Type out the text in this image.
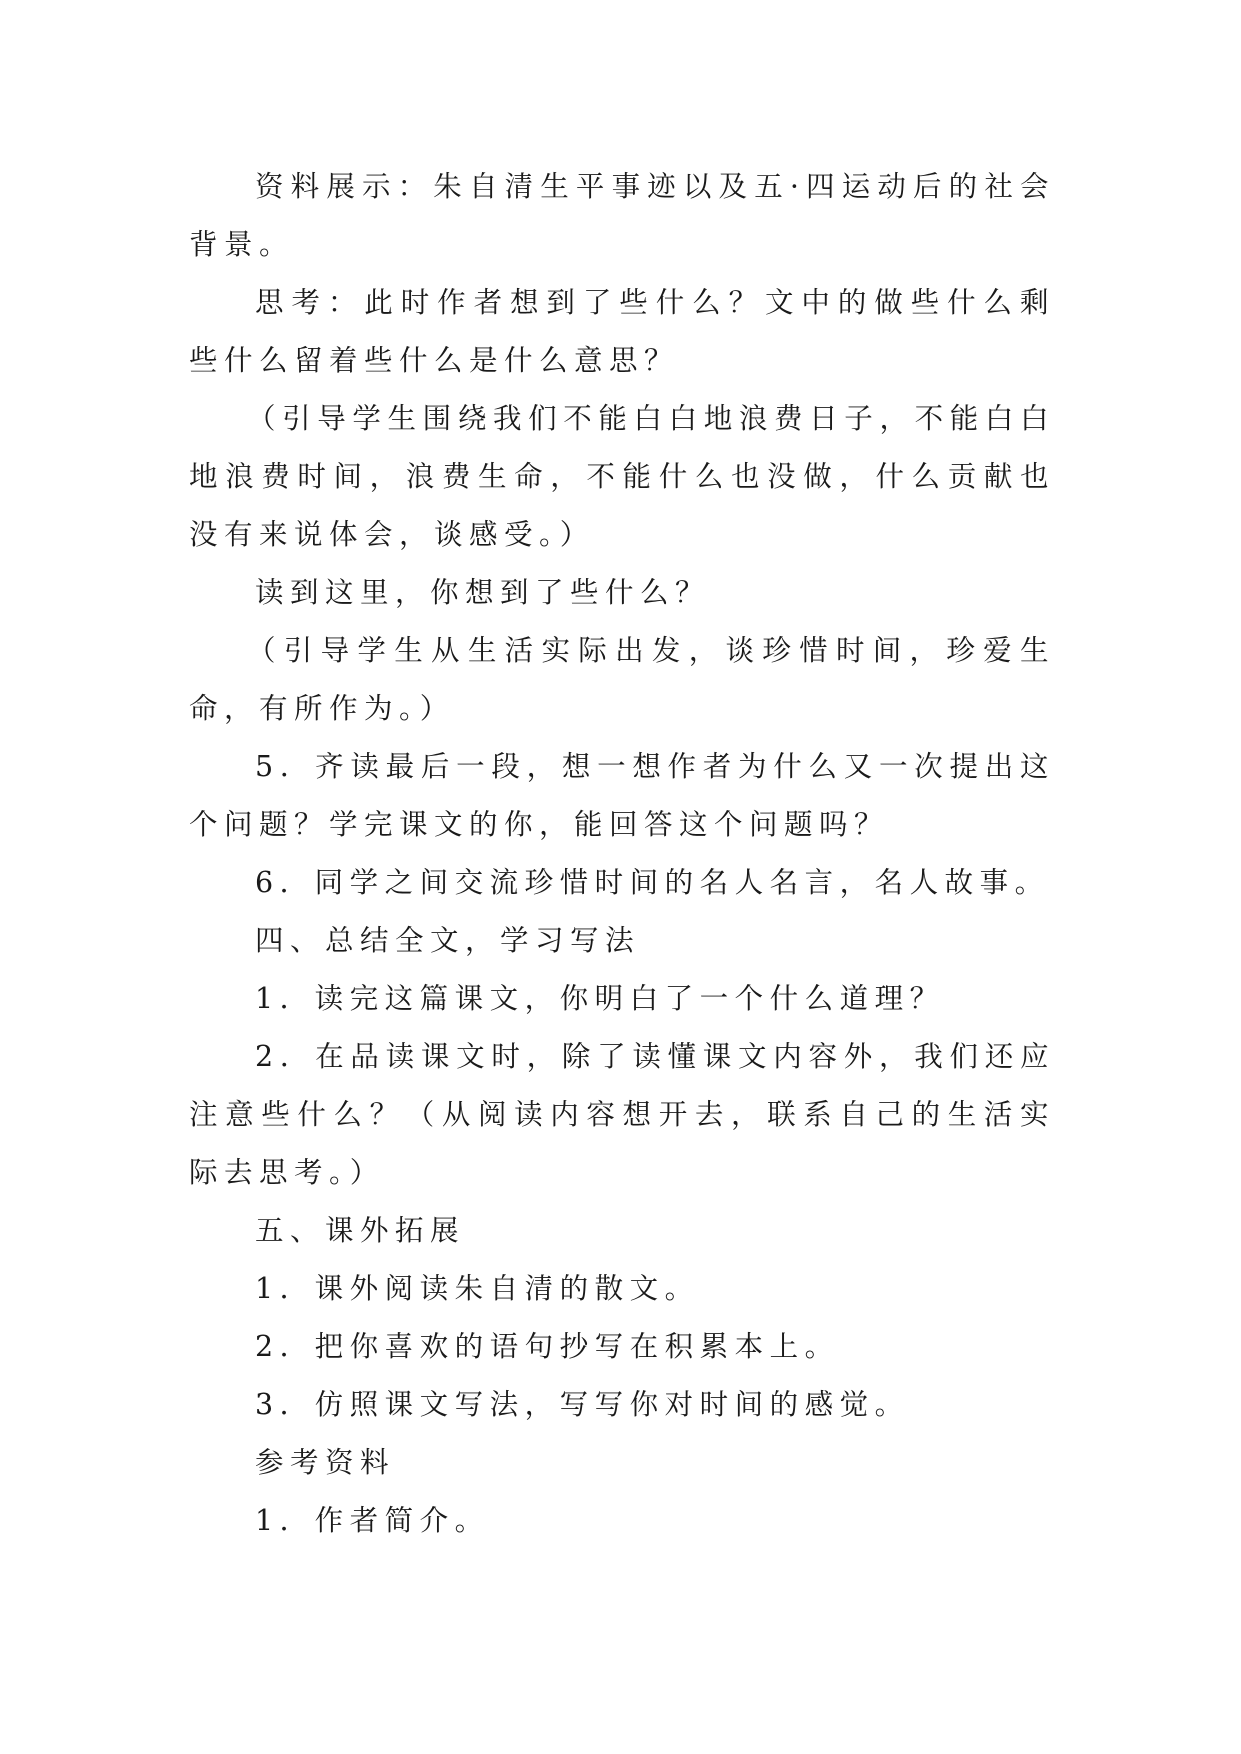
资料展示：朱自清生平事迹以及五·四运动后的社会背景。

思考：此时作者想到了些什么？文中的做些什么剩些什么留着些什么是什么意思？

（引导学生围绕我们不能白白地浪费日子，不能白白地浪费时间，浪费生命，不能什么也没做，什么贡献也没有来说体会，谈感受。）

读到这里，你想到了些什么？

（引导学生从生活实际出发，谈珍惜时间，珍爱生命，有所作为。）

5．齐读最后一段，想一想作者为什么又一次提出这个问题？学完课文的你，能回答这个问题吗？

6．同学之间交流珍惜时间的名人名言，名人故事。

四、总结全文，学习写法

1．读完这篇课文，你明白了一个什么道理？

2．在品读课文时，除了读懂课文内容外，我们还应注意些什么？（从阅读内容想开去，联系自己的生活实际去思考。）

五、课外拓展

1．课外阅读朱自清的散文。

2．把你喜欢的语句抄写在积累本上。

3．仿照课文写法，写写你对时间的感觉。

参考资料

1．作者简介。
